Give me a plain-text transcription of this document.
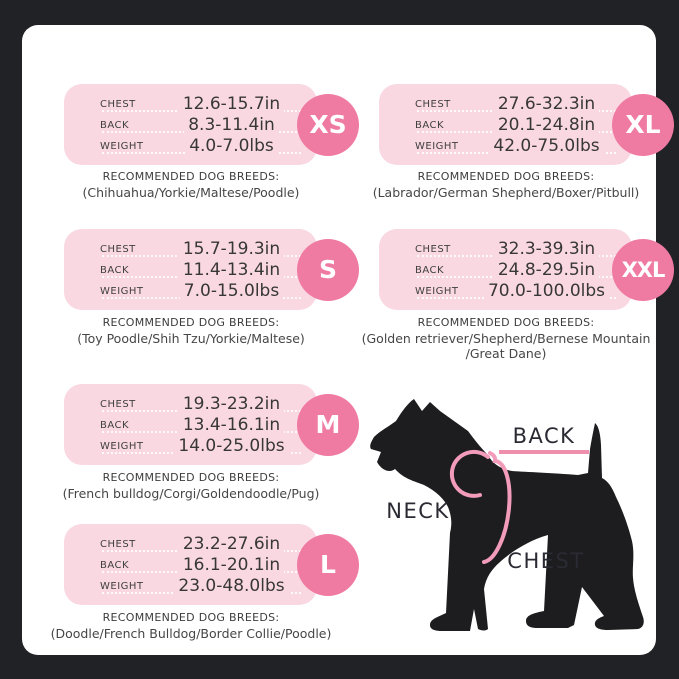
CHEST	12.6-15.7in
BACK	8.3-11.4in
WEIGHT	4.0-7.0lbs
XS
RECOMMENDED DOG BREEDS:
(Chihuahua/Yorkie/Maltese/Poodle)
CHEST	15.7-19.3in
BACK	11.4-13.4in
WEIGHT	7.0-15.0lbs
S
RECOMMENDED DOG BREEDS:
(Toy Poodle/Shih Tzu/Yorkie/Maltese)
CHEST	19.3-23.2in
BACK	13.4-16.1in
WEIGHT	14.0-25.0lbs
M
RECOMMENDED DOG BREEDS:
(French bulldog/Corgi/Goldendoodle/Pug)
CHEST	23.2-27.6in
BACK	16.1-20.1in
WEIGHT	23.0-48.0lbs
L
RECOMMENDED DOG BREEDS:
(Doodle/French Bulldog/Border Collie/Poodle)
CHEST	27.6-32.3in
BACK	20.1-24.8in
WEIGHT	42.0-75.0lbs
XL
RECOMMENDED DOG BREEDS:
(Labrador/German Shepherd/Boxer/Pitbull)
CHEST	32.3-39.3in
BACK	24.8-29.5in
WEIGHT	70.0-100.0lbs
XXL
RECOMMENDED DOG BREEDS:
(Golden retriever/Shepherd/Bernese Mountain /Great Dane)
BACK
NECK
CHEST
